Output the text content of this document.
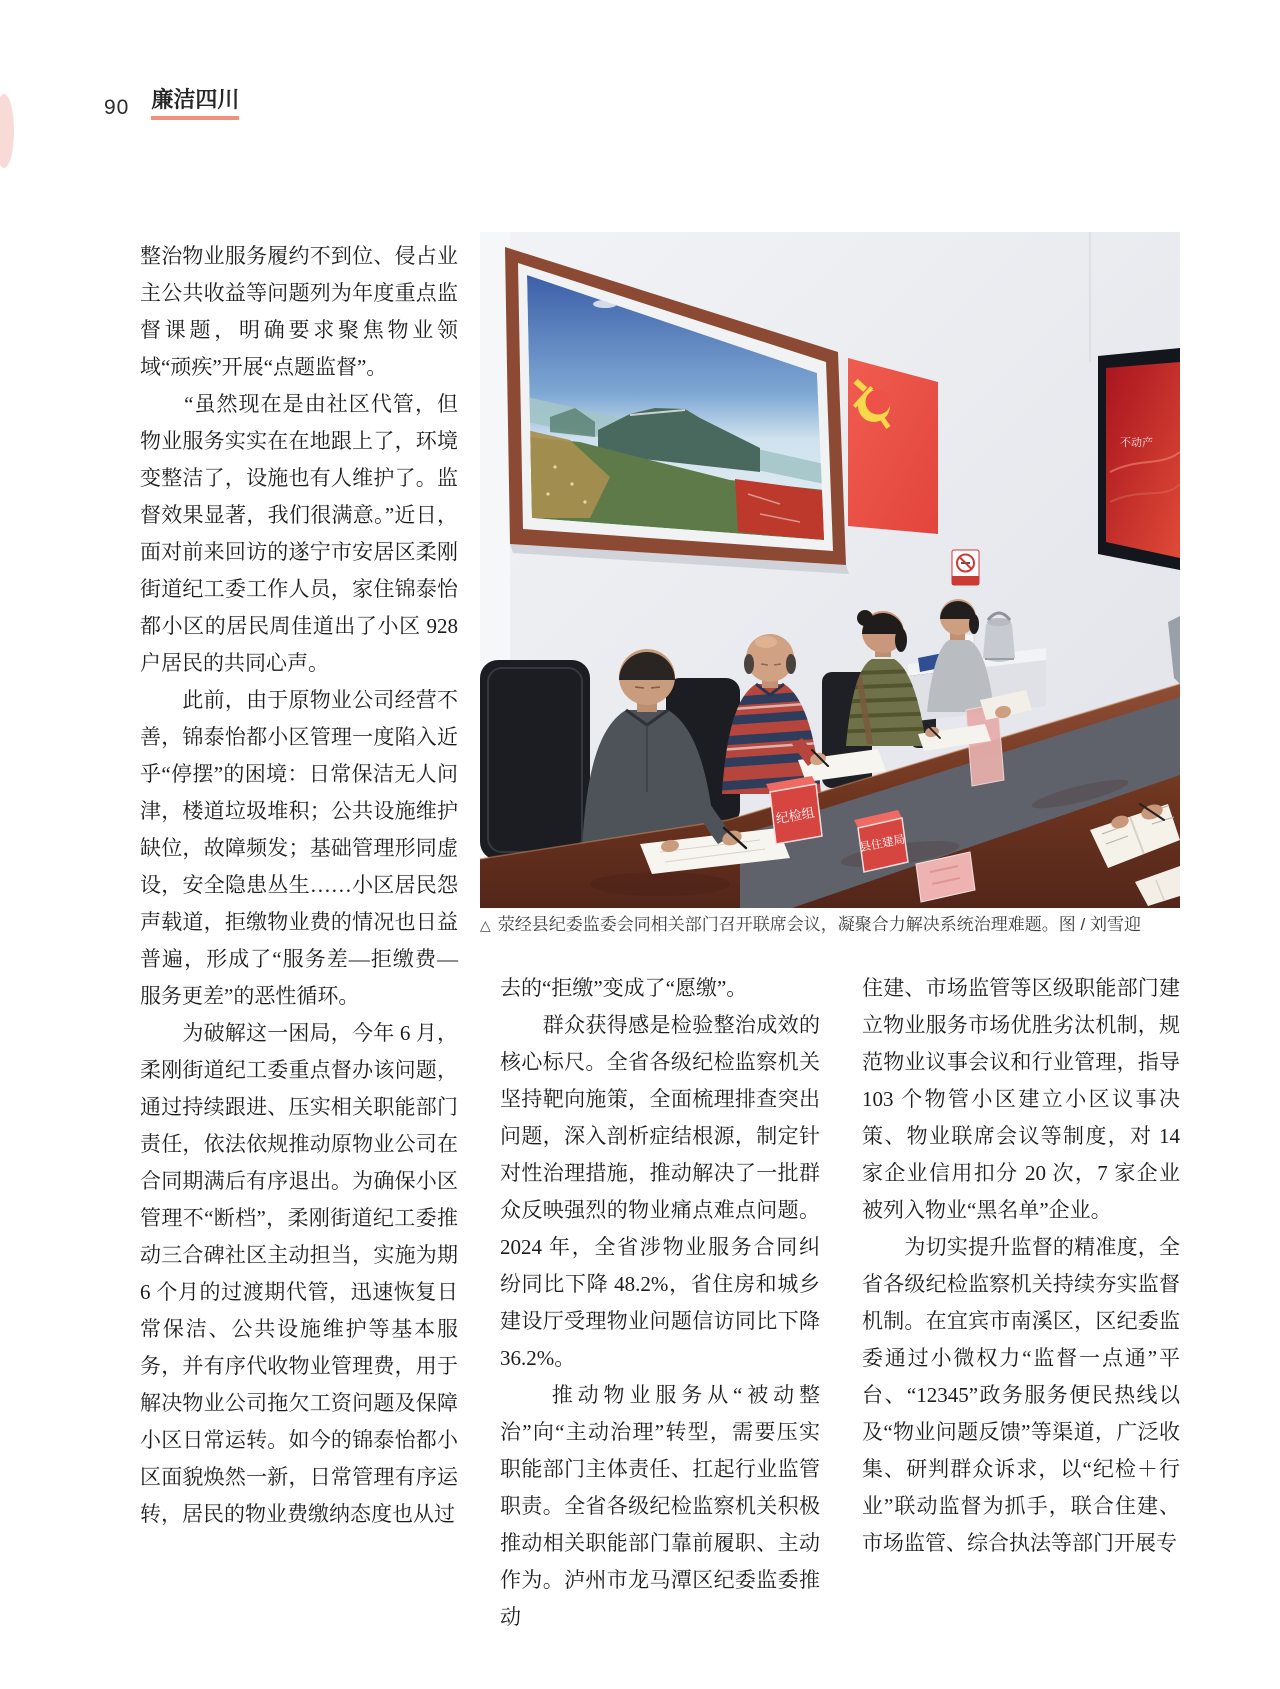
90 廉洁四川

整治物业服务履约不到位、侵占业主公共收益等问题列为年度重点监督课题，明确要求聚焦物业领域“顽疾”开展“点题监督”。

　　“虽然现在是由社区代管，但物业服务实实在在地跟上了，环境变整洁了，设施也有人维护了。监督效果显著，我们很满意。”近日，面对前来回访的遂宁市安居区柔刚街道纪工委工作人员，家住锦泰怡都小区的居民周佳道出了小区 928 户居民的共同心声。

　　此前，由于原物业公司经营不善，锦泰怡都小区管理一度陷入近乎“停摆”的困境：日常保洁无人问津，楼道垃圾堆积；公共设施维护缺位，故障频发；基础管理形同虚设，安全隐患丛生……小区居民怨声载道，拒缴物业费的情况也日益普遍，形成了“服务差—拒缴费—服务更差”的恶性循环。

　　为破解这一困局，今年 6 月，柔刚街道纪工委重点督办该问题，通过持续跟进、压实相关职能部门责任，依法依规推动原物业公司在合同期满后有序退出。为确保小区管理不“断档”，柔刚街道纪工委推动三合碑社区主动担当，实施为期 6 个月的过渡期代管，迅速恢复日常保洁、公共设施维护等基本服务，并有序代收物业管理费，用于解决物业公司拖欠工资问题及保障小区日常运转。如今的锦泰怡都小区面貌焕然一新，日常管理有序运转，居民的物业费缴纳态度也从过

不动产
纪检组
县住建局
△ 荥经县纪委监委会同相关部门召开联席会议，凝聚合力解决系统治理难题。图 / 刘雪迎

去的“拒缴”变成了“愿缴”。

　　群众获得感是检验整治成效的核心标尺。全省各级纪检监察机关坚持靶向施策，全面梳理排查突出问题，深入剖析症结根源，制定针对性治理措施，推动解决了一批群众反映强烈的物业痛点难点问题。2024 年，全省涉物业服务合同纠纷同比下降 48.2%，省住房和城乡建设厅受理物业问题信访同比下降 36.2%。

　　推动物业服务从“被动整治”向“主动治理”转型，需要压实职能部门主体责任、扛起行业监管职责。全省各级纪检监察机关积极推动相关职能部门靠前履职、主动作为。泸州市龙马潭区纪委监委推动

住建、市场监管等区级职能部门建立物业服务市场优胜劣汰机制，规范物业议事会议和行业管理，指导 103 个物管小区建立小区议事决策、物业联席会议等制度，对 14 家企业信用扣分 20 次，7 家企业被列入物业“黑名单”企业。

　　为切实提升监督的精准度，全省各级纪检监察机关持续夯实监督机制。在宜宾市南溪区，区纪委监委通过小微权力“监督一点通”平台、“12345”政务服务便民热线以及“物业问题反馈”等渠道，广泛收集、研判群众诉求，以“纪检＋行业”联动监督为抓手，联合住建、市场监管、综合执法等部门开展专
